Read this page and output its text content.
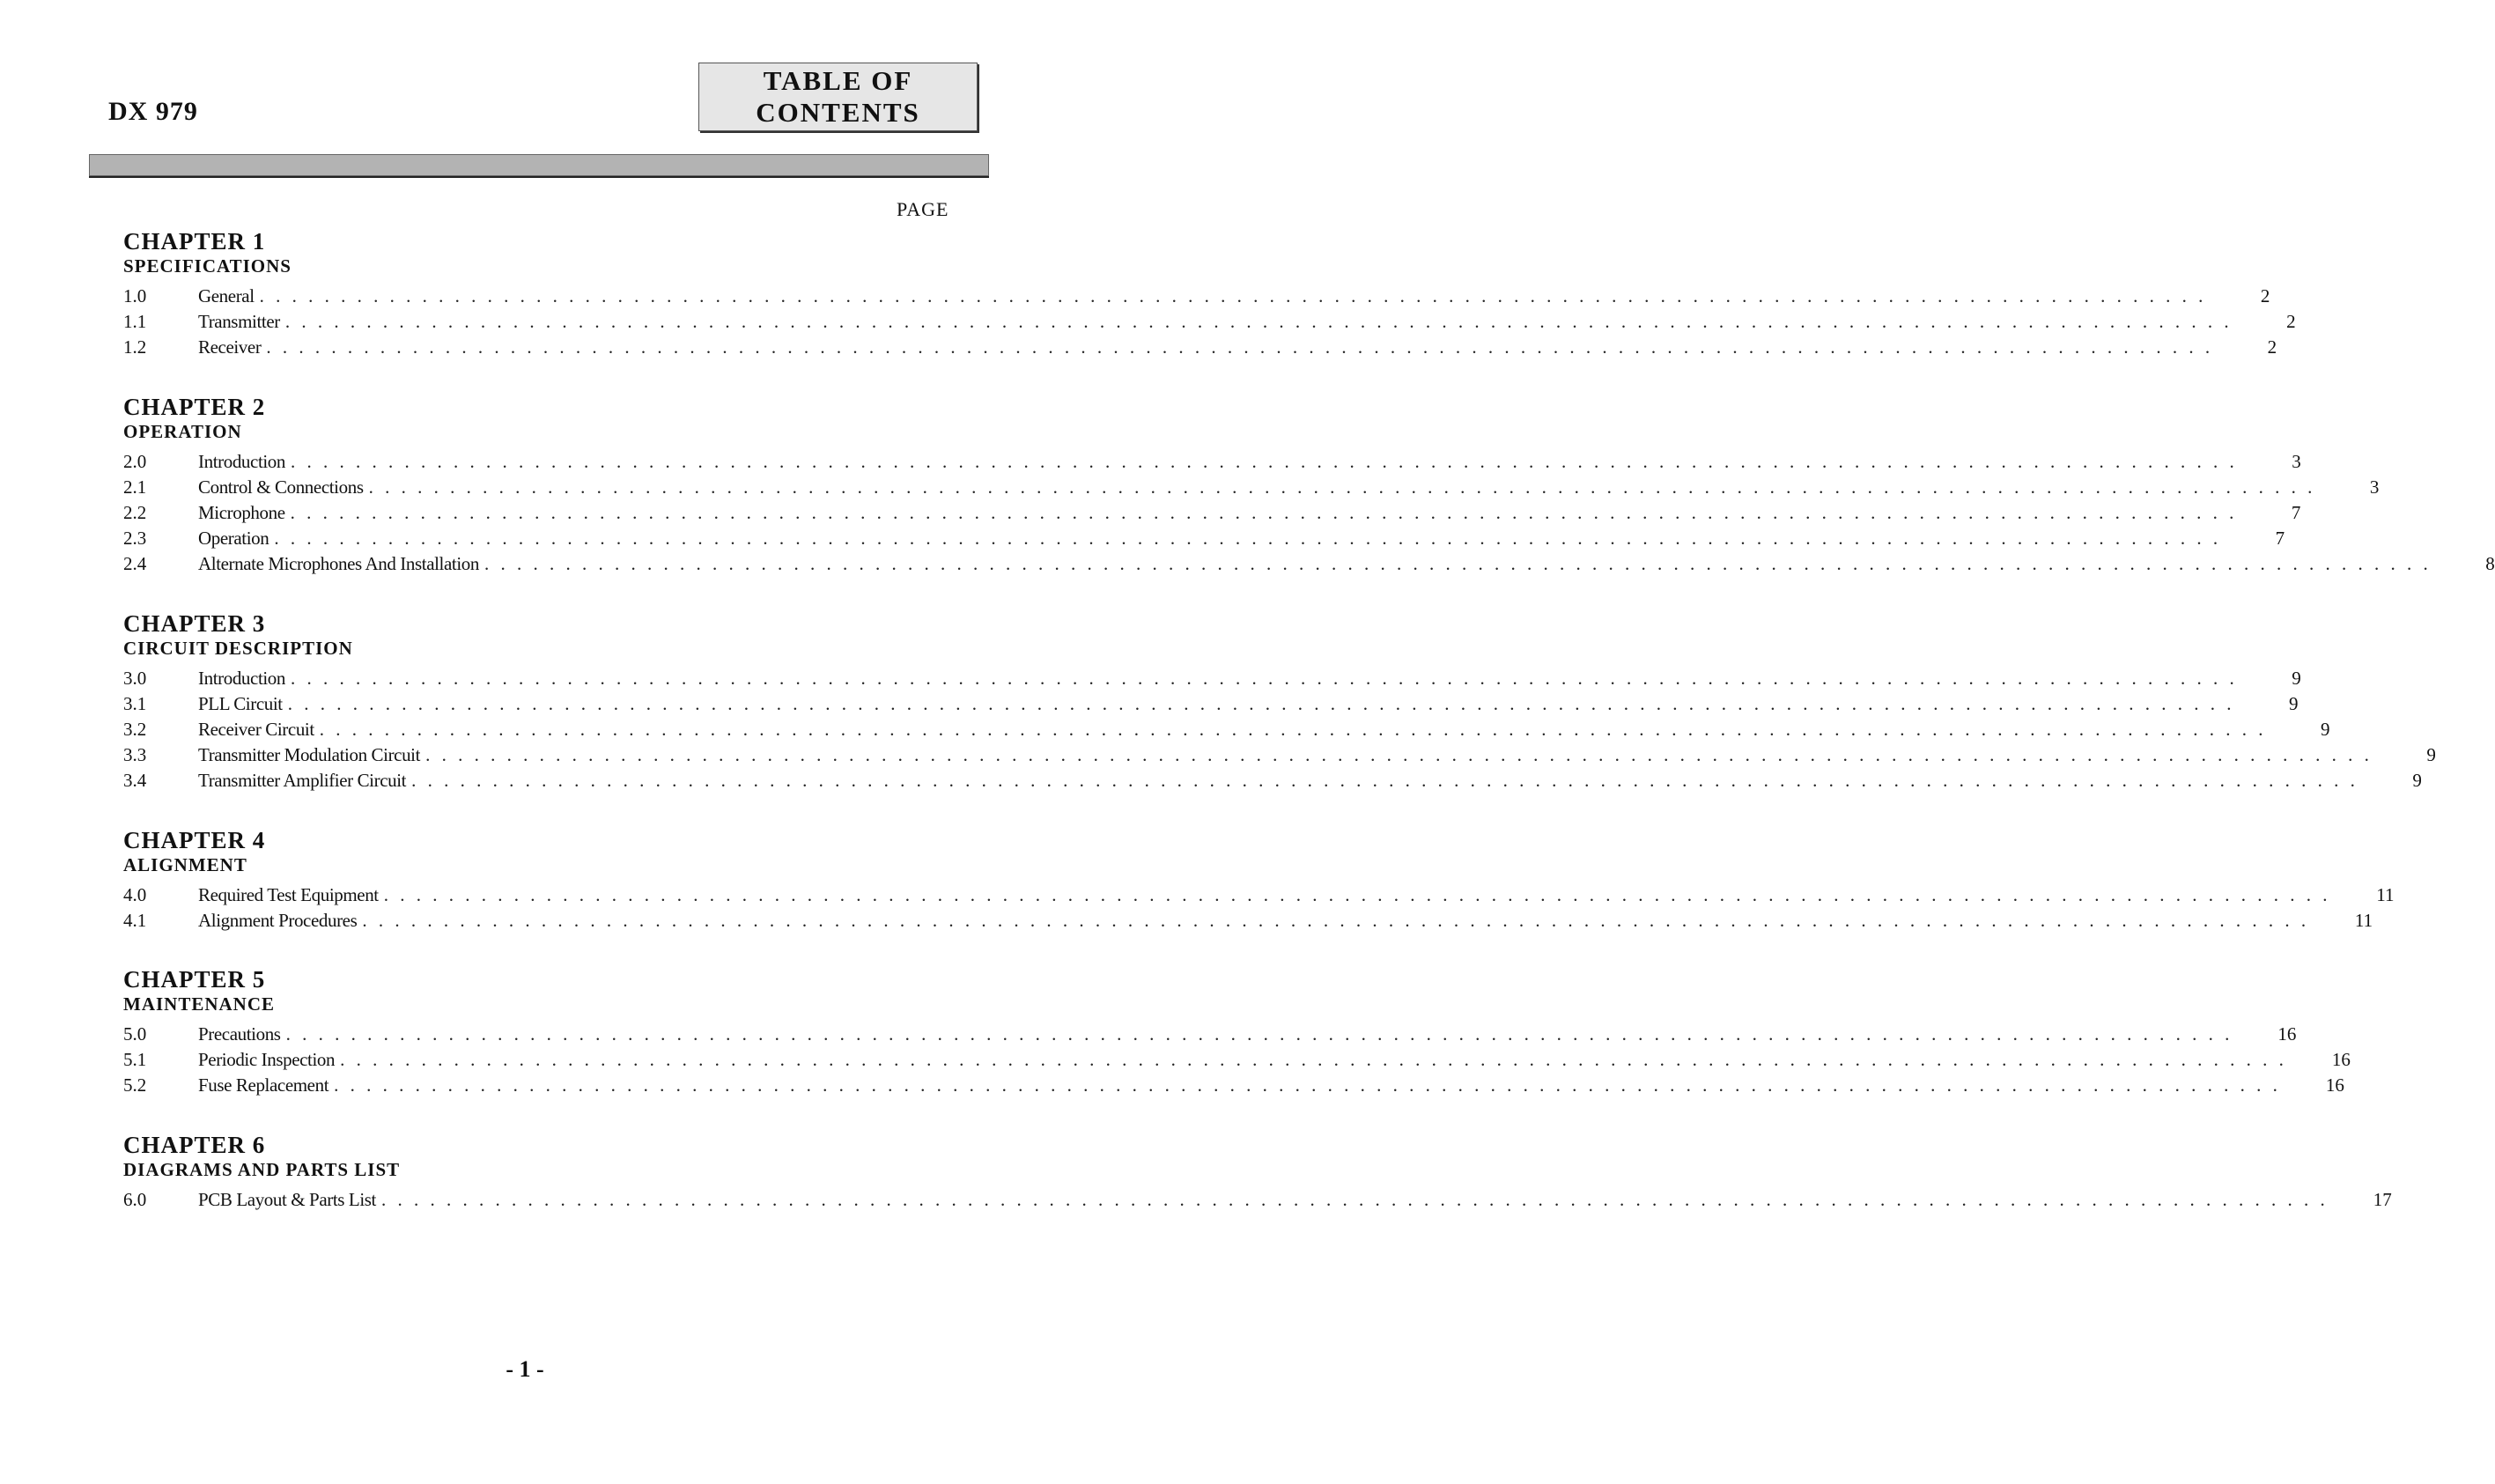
DX 979
TABLE OF
CONTENTS
PAGE
CHAPTER 1
SPECIFICATIONS
1.0	General . . . . . . . . . . . . . . . . . . . . . . . . . . . . . . . . . . . . . . . . . . . . . . . . . . . . . . . . . . . . . . . . . . . . . . . . . . . . . . . . . . . . . . . . . . . . . . . . . . . . . . . . . . . . . . . . . . . . . . . .	2
1.1	Transmitter . . . . . . . . . . . . . . . . . . . . . . . . . . . . . . . . . . . . . . . . . . . . . . . . . . . . . . . . . . . . . . . . . . . . . . . . . . . . . . . . . . . . . . . . . . . . . . . . . . . . . . . . . . . . . . . . . . . . . . . .	2
1.2	Receiver . . . . . . . . . . . . . . . . . . . . . . . . . . . . . . . . . . . . . . . . . . . . . . . . . . . . . . . . . . . . . . . . . . . . . . . . . . . . . . . . . . . . . . . . . . . . . . . . . . . . . . . . . . . . . . . . . . . . . . . .	2
CHAPTER 2
OPERATION
2.0	Introduction . . . . . . . . . . . . . . . . . . . . . . . . . . . . . . . . . . . . . . . . . . . . . . . . . . . . . . . . . . . . . . . . . . . . . . . . . . . . . . . . . . . . . . . . . . . . . . . . . . . . . . . . . . . . . . . . . . . . . . . .	3
2.1	Control & Connections . . . . . . . . . . . . . . . . . . . . . . . . . . . . . . . . . . . . . . . . . . . . . . . . . . . . . . . . . . . . . . . . . . . . . . . . . . . . . . . . . . . . . . . . . . . . . . . . . . . . . . . . . . . . . . . . . . . . . . . .	3
2.2	Microphone . . . . . . . . . . . . . . . . . . . . . . . . . . . . . . . . . . . . . . . . . . . . . . . . . . . . . . . . . . . . . . . . . . . . . . . . . . . . . . . . . . . . . . . . . . . . . . . . . . . . . . . . . . . . . . . . . . . . . . . .	7
2.3	Operation . . . . . . . . . . . . . . . . . . . . . . . . . . . . . . . . . . . . . . . . . . . . . . . . . . . . . . . . . . . . . . . . . . . . . . . . . . . . . . . . . . . . . . . . . . . . . . . . . . . . . . . . . . . . . . . . . . . . . . . .	7
2.4	Alternate Microphones And Installation . . . . . . . . . . . . . . . . . . . . . . . . . . . . . . . . . . . . . . . . . . . . . . . . . . . . . . . . . . . . . . . . . . . . . . . . . . . . . . . . . . . . . . . . . . . . . . . . . . . . . . . . . . . . . . . . . . . . . . . .	8
CHAPTER 3
CIRCUIT DESCRIPTION
3.0	Introduction . . . . . . . . . . . . . . . . . . . . . . . . . . . . . . . . . . . . . . . . . . . . . . . . . . . . . . . . . . . . . . . . . . . . . . . . . . . . . . . . . . . . . . . . . . . . . . . . . . . . . . . . . . . . . . . . . . . . . . . .	9
3.1	PLL Circuit . . . . . . . . . . . . . . . . . . . . . . . . . . . . . . . . . . . . . . . . . . . . . . . . . . . . . . . . . . . . . . . . . . . . . . . . . . . . . . . . . . . . . . . . . . . . . . . . . . . . . . . . . . . . . . . . . . . . . . . .	9
3.2	Receiver Circuit . . . . . . . . . . . . . . . . . . . . . . . . . . . . . . . . . . . . . . . . . . . . . . . . . . . . . . . . . . . . . . . . . . . . . . . . . . . . . . . . . . . . . . . . . . . . . . . . . . . . . . . . . . . . . . . . . . . . . . . .	9
3.3	Transmitter Modulation Circuit . . . . . . . . . . . . . . . . . . . . . . . . . . . . . . . . . . . . . . . . . . . . . . . . . . . . . . . . . . . . . . . . . . . . . . . . . . . . . . . . . . . . . . . . . . . . . . . . . . . . . . . . . . . . . . . . . . . . . . . .	9
3.4	Transmitter Amplifier Circuit . . . . . . . . . . . . . . . . . . . . . . . . . . . . . . . . . . . . . . . . . . . . . . . . . . . . . . . . . . . . . . . . . . . . . . . . . . . . . . . . . . . . . . . . . . . . . . . . . . . . . . . . . . . . . . . . . . . . . . . .	9
CHAPTER 4
ALIGNMENT
4.0	Required Test Equipment . . . . . . . . . . . . . . . . . . . . . . . . . . . . . . . . . . . . . . . . . . . . . . . . . . . . . . . . . . . . . . . . . . . . . . . . . . . . . . . . . . . . . . . . . . . . . . . . . . . . . . . . . . . . . . . . . . . . . . . .	11
4.1	Alignment Procedures . . . . . . . . . . . . . . . . . . . . . . . . . . . . . . . . . . . . . . . . . . . . . . . . . . . . . . . . . . . . . . . . . . . . . . . . . . . . . . . . . . . . . . . . . . . . . . . . . . . . . . . . . . . . . . . . . . . . . . . .	11
CHAPTER 5
MAINTENANCE
5.0	Precautions . . . . . . . . . . . . . . . . . . . . . . . . . . . . . . . . . . . . . . . . . . . . . . . . . . . . . . . . . . . . . . . . . . . . . . . . . . . . . . . . . . . . . . . . . . . . . . . . . . . . . . . . . . . . . . . . . . . . . . . .	16
5.1	Periodic Inspection . . . . . . . . . . . . . . . . . . . . . . . . . . . . . . . . . . . . . . . . . . . . . . . . . . . . . . . . . . . . . . . . . . . . . . . . . . . . . . . . . . . . . . . . . . . . . . . . . . . . . . . . . . . . . . . . . . . . . . . .	16
5.2	Fuse Replacement . . . . . . . . . . . . . . . . . . . . . . . . . . . . . . . . . . . . . . . . . . . . . . . . . . . . . . . . . . . . . . . . . . . . . . . . . . . . . . . . . . . . . . . . . . . . . . . . . . . . . . . . . . . . . . . . . . . . . . . .	16
CHAPTER 6
DIAGRAMS AND PARTS LIST
6.0	PCB Layout & Parts List . . . . . . . . . . . . . . . . . . . . . . . . . . . . . . . . . . . . . . . . . . . . . . . . . . . . . . . . . . . . . . . . . . . . . . . . . . . . . . . . . . . . . . . . . . . . . . . . . . . . . . . . . . . . . . . . . . . . . . . .	17
- 1 -
